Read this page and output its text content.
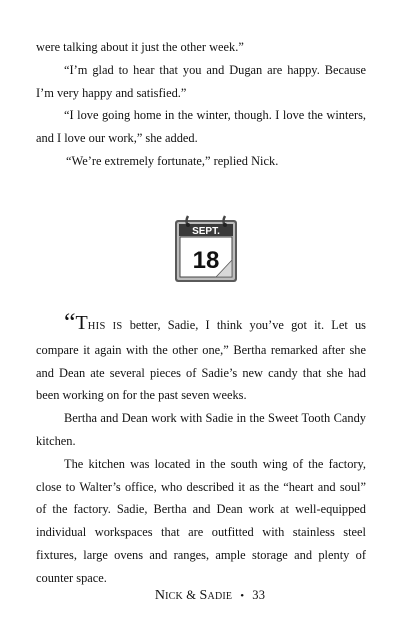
were talking about it just the other week.”

“I’m glad to hear that you and Dugan are happy. Because I’m very happy and satisfied.”

“I love going home in the winter, though. I love the winters, and I love our work,” she added.

“We’re extremely fortunate,” replied Nick.

SEPT.
18

“THIS IS better, Sadie, I think you’ve got it. Let us compare it again with the other one,” Bertha remarked after she and Dean ate several pieces of Sadie’s new candy that she had been working on for the past seven weeks.

Bertha and Dean work with Sadie in the Sweet Tooth Candy kitchen.

The kitchen was located in the south wing of the factory, close to Walter’s office, who described it as the “heart and soul” of the factory. Sadie, Bertha and Dean work at well-equipped individual workspaces that are outfitted with stainless steel fixtures, large ovens and ranges, ample storage and plenty of counter space.

NICK & SADIE • 33
